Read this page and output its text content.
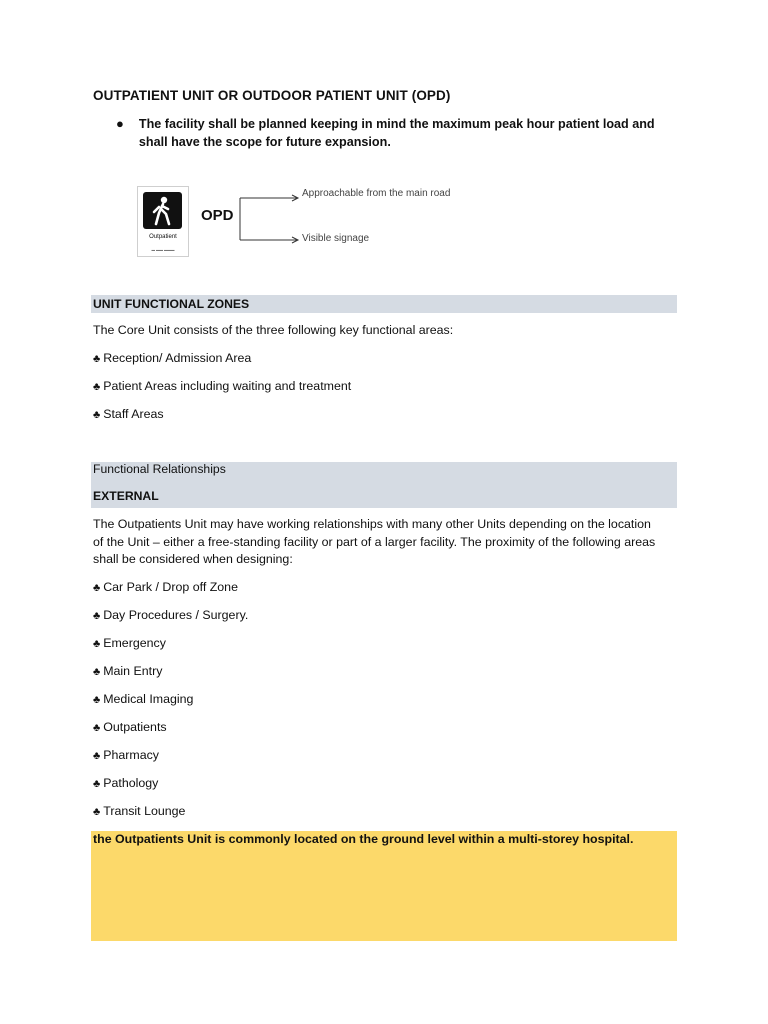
OUTPATIENT UNIT OR OUTDOOR PATIENT UNIT (OPD)
●	The facility shall be planned keeping in mind the maximum peak hour patient load and shall have the scope for future expansion.
Outpatient
▬ ▬▬ ▬▬▬
OPD
Approachable from the main road
Visible signage
UNIT FUNCTIONAL ZONES
The Core Unit consists of the three following key functional areas:
♣ Reception/ Admission Area
♣ Patient Areas including waiting and treatment
♣ Staff Areas
Functional Relationships
EXTERNAL
The Outpatients Unit may have working relationships with many other Units depending on the location of the Unit – either a free-standing facility or part of a larger facility. The proximity of the following areas shall be considered when designing:
♣ Car Park / Drop off Zone
♣ Day Procedures / Surgery.
♣ Emergency
♣ Main Entry
♣ Medical Imaging
♣ Outpatients
♣ Pharmacy
♣ Pathology
♣ Transit Lounge
the Outpatients Unit is commonly located on the ground level within a multi-storey hospital.
